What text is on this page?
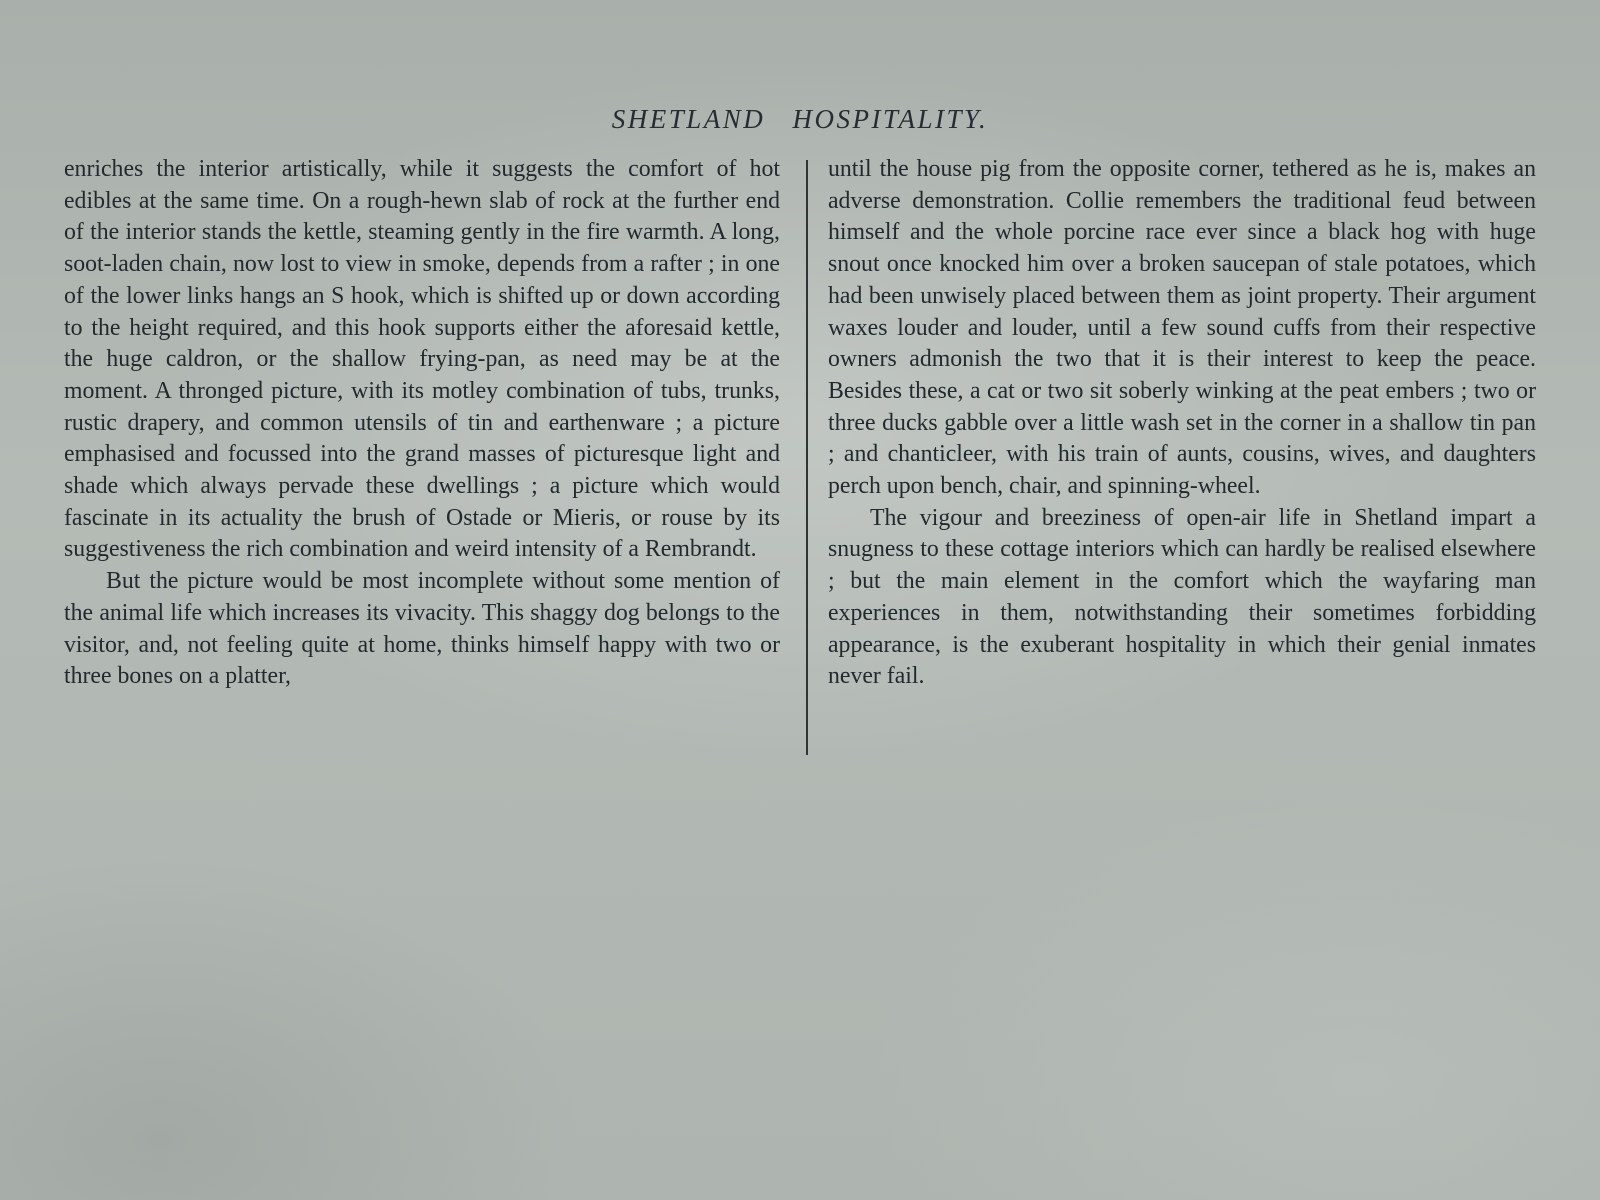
SHETLAND HOSPITALITY.

enriches the interior artistically, while it suggests the comfort of hot edibles at the same time. On a rough-hewn slab of rock at the further end of the interior stands the kettle, steaming gently in the fire warmth. A long, soot-laden chain, now lost to view in smoke, depends from a rafter ; in one of the lower links hangs an S hook, which is shifted up or down according to the height required, and this hook supports either the aforesaid kettle, the huge caldron, or the shallow frying-pan, as need may be at the moment. A thronged picture, with its motley combination of tubs, trunks, rustic drapery, and common utensils of tin and earthenware ; a picture emphasised and focussed into the grand masses of picturesque light and shade which always pervade these dwellings ; a picture which would fascinate in its actuality the brush of Ostade or Mieris, or rouse by its suggestiveness the rich combination and weird intensity of a Rembrandt.

But the picture would be most incomplete without some mention of the animal life which increases its vivacity. This shaggy dog belongs to the visitor, and, not feeling quite at home, thinks himself happy with two or three bones on a platter,

until the house pig from the opposite corner, tethered as he is, makes an adverse demonstration. Collie remembers the traditional feud between himself and the whole porcine race ever since a black hog with huge snout once knocked him over a broken saucepan of stale potatoes, which had been unwisely placed between them as joint property. Their argument waxes louder and louder, until a few sound cuffs from their respective owners admonish the two that it is their interest to keep the peace. Besides these, a cat or two sit soberly winking at the peat embers ; two or three ducks gabble over a little wash set in the corner in a shallow tin pan ; and chanticleer, with his train of aunts, cousins, wives, and daughters perch upon bench, chair, and spinning-wheel.

The vigour and breeziness of open-air life in Shetland impart a snugness to these cottage interiors which can hardly be realised elsewhere ; but the main element in the comfort which the wayfaring man experiences in them, notwithstanding their sometimes forbidding appearance, is the exuberant hospitality in which their genial inmates never fail.
